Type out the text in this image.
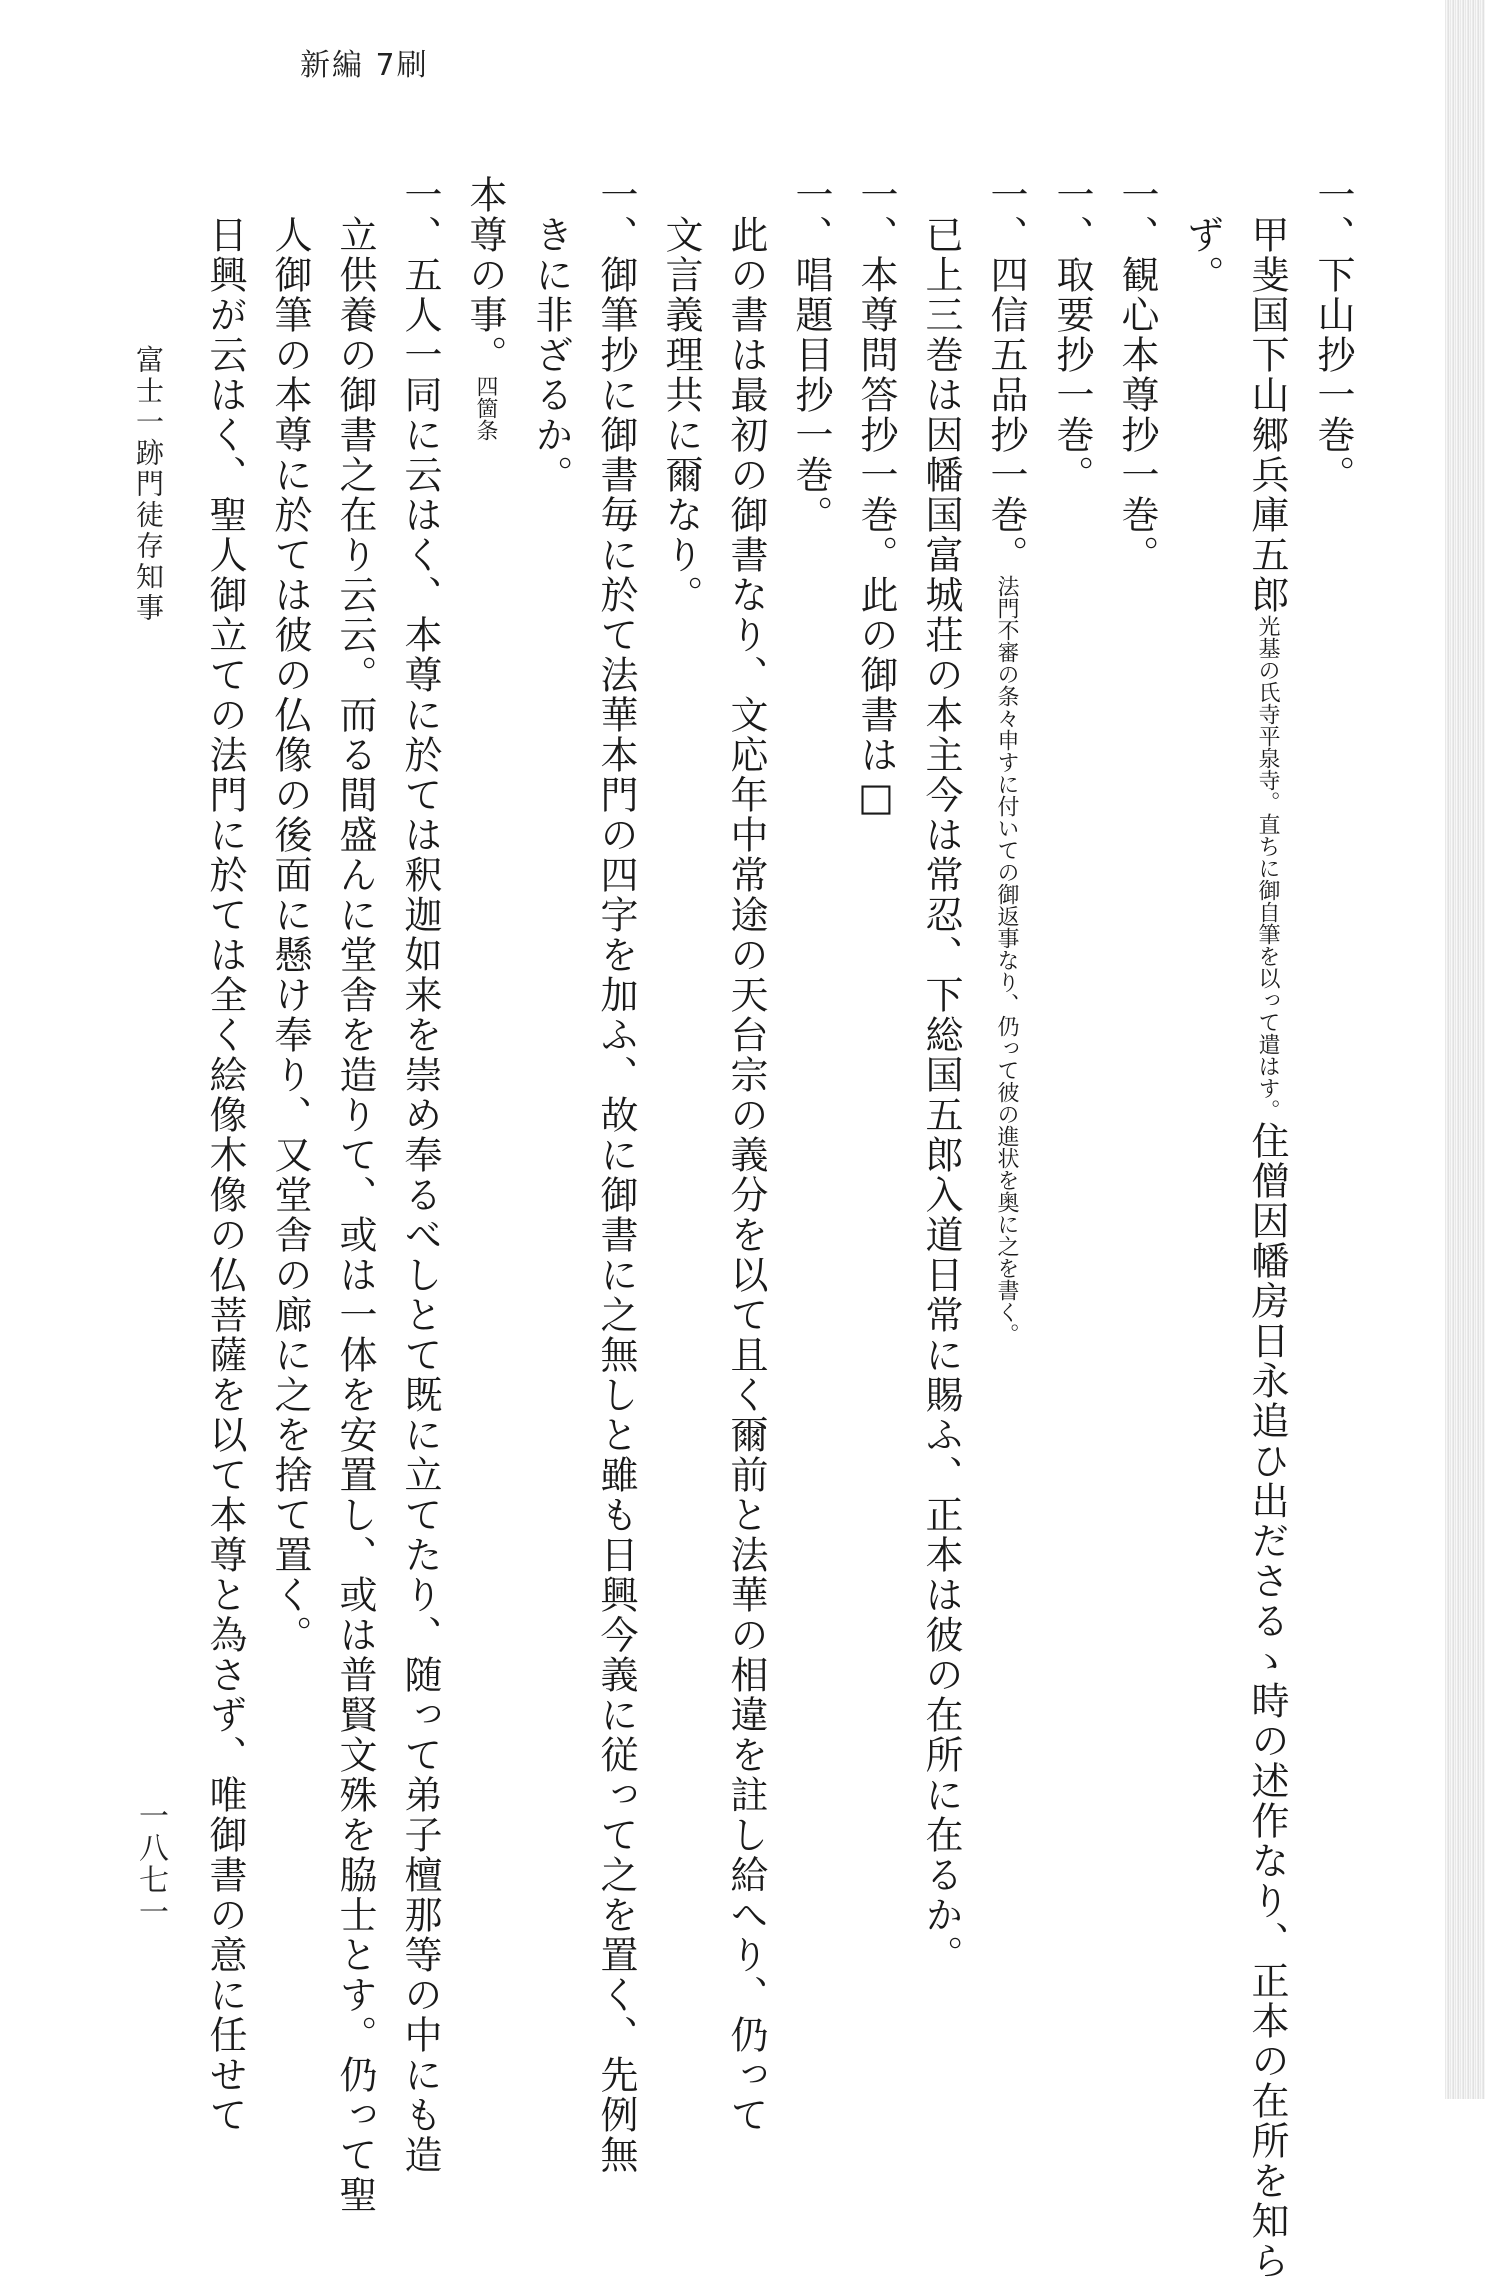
新編 7刷
一、下山抄一巻。
甲斐国下山郷兵庫五郎光基の氏寺平泉寺。直ちに御自筆を以って遣はす。住僧因幡房日永追ひ出ださるゝ時の述作なり、正本の在所を知ら
ず。
一、観心本尊抄一巻。
一、取要抄一巻。
一、四信五品抄一巻。法門不審の条々申すに付いての御返事なり、仍って彼の進状を奥に之を書く。
已上三巻は因幡国富城荘の本主今は常忍、下総国五郎入道日常に賜ふ、正本は彼の在所に在るか。
一、本尊問答抄一巻。此の御書は□
一、唱題目抄一巻。
此の書は最初の御書なり、文応年中常途の天台宗の義分を以て且く爾前と法華の相違を註し給へり、仍って
文言義理共に爾なり。
一、御筆抄に御書毎に於て法華本門の四字を加ふ、故に御書に之無しと雖も日興今義に従って之を置く、先例無
きに非ざるか。
本尊の事。四箇条
一、五人一同に云はく、本尊に於ては釈迦如来を崇め奉るべしとて既に立てたり、随って弟子檀那等の中にも造
立供養の御書之在り云云。而る間盛んに堂舎を造りて、或は一体を安置し、或は普賢文殊を脇士とす。仍って聖
人御筆の本尊に於ては彼の仏像の後面に懸け奉り、又堂舎の廊に之を捨て置く。
日興が云はく、聖人御立ての法門に於ては全く絵像木像の仏菩薩を以て本尊と為さず、唯御書の意に任せて
富士一跡門徒存知事
一八七一
